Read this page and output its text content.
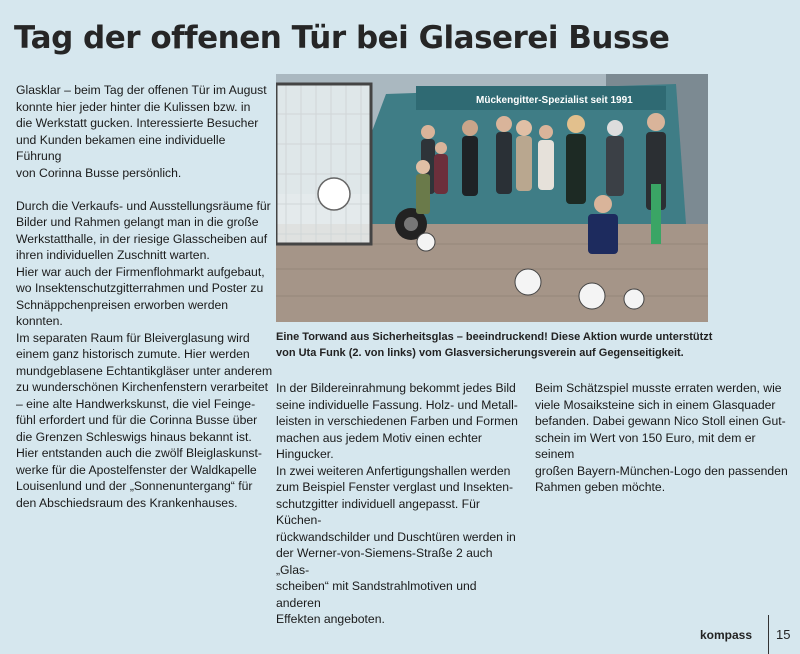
Tag der offenen Tür bei Glaserei Busse

Glasklar – beim Tag der offenen Tür im August

konnte hier jeder hinter die Kulissen bzw. in

die Werkstatt gucken. Interessierte Besucher

und Kunden bekamen eine individuelle Führung

von Corinna Busse persönlich.

Durch die Verkaufs- und Ausstellungsräume für

Bilder und Rahmen gelangt man in die große

Werkstatthalle, in der riesige Glasscheiben auf

ihren individuellen Zuschnitt warten.

Hier war auch der Firmenflohmarkt aufgebaut,

wo Insektenschutzgitterrahmen und Poster zu

Schnäppchenpreisen erworben werden konnten.

Im separaten Raum für Bleiverglasung wird

einem ganz historisch zumute. Hier werden

mundgeblasene Echtantikgläser unter anderem

zu wunderschönen Kirchenfenstern verarbeitet

– eine alte Handwerkskunst, die viel Feinge-

fühl erfordert und für die Corinna Busse über

die Grenzen Schleswigs hinaus bekannt ist.

Hier entstanden auch die zwölf Bleiglaskunst-

werke für die Apostelfenster der Waldkapelle

Louisenlund und der „Sonnenuntergang“ für

den Abschiedsraum des Krankenhauses.

Mückengitter-Spezialist seit 1991

Eine Torwand aus Sicherheitsglas – beeindruckend! Diese Aktion wurde unterstützt

von Uta Funk (2. von links) vom Glasversicherungsverein auf Gegenseitigkeit.

In der Bildereinrahmung bekommt jedes Bild

seine individuelle Fassung. Holz- und Metall-

leisten in verschiedenen Farben und Formen

machen aus jedem Motiv einen echter Hingucker.

In zwei weiteren Anfertigungshallen werden

zum Beispiel Fenster verglast und Insekten-

schutzgitter individuell angepasst. Für Küchen-

rückwandschilder und Duschtüren werden in

der Werner-von-Siemens-Straße 2 auch „Glas-

scheiben“ mit Sandstrahlmotiven und anderen

Effekten angeboten.

Beim Schätzspiel musste erraten werden, wie

viele Mosaiksteine sich in einem Glasquader

befanden. Dabei gewann Nico Stoll einen Gut-

schein im Wert von 150 Euro, mit dem er seinem

großen Bayern-München-Logo den passenden

Rahmen geben möchte.

kompass 15
